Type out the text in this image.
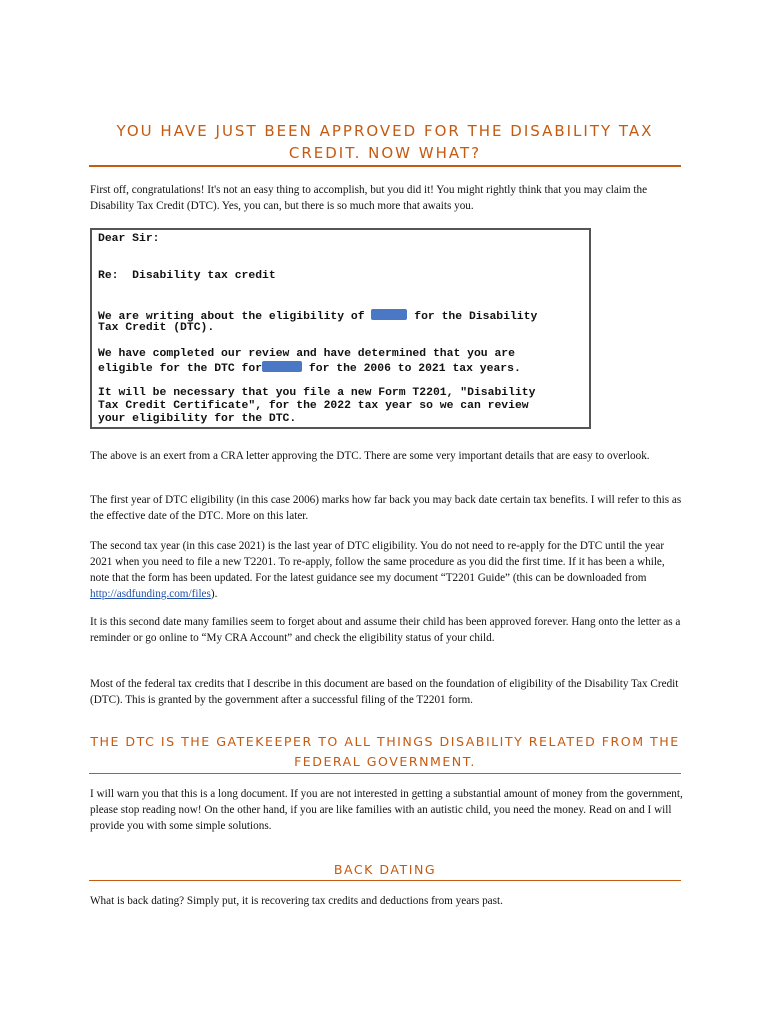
YOU HAVE JUST BEEN APPROVED FOR THE DISABILITY TAX
CREDIT. NOW WHAT?

First off, congratulations! It's not an easy thing to accomplish, but you did it! You might rightly think that you may claim the Disability Tax Credit (DTC). Yes, you can, but there is so much more that awaits you.

Dear Sir:
Re:  Disability tax credit
We are writing about the eligibility of	for the Disability
Tax Credit (DTC).
We have completed our review and have determined that you are
eligible for the DTC for	for the 2006 to 2021 tax years.
It will be necessary that you file a new Form T2201, "Disability
Tax Credit Certificate", for the 2022 tax year so we can review
your eligibility for the DTC.

The above is an exert from a CRA letter approving the DTC. There are some very important details that are easy to overlook.

The first year of DTC eligibility (in this case 2006) marks how far back you may back date certain tax benefits. I will refer to this as the effective date of the DTC. More on this later.

The second tax year (in this case 2021) is the last year of DTC eligibility. You do not need to re-apply for the DTC until the year 2021 when you need to file a new T2201. To re-apply, follow the same procedure as you did the first time. If it has been a while, note that the form has been updated. For the latest guidance see my document “T2201 Guide” (this can be downloaded from http://asdfunding.com/files).

It is this second date many families seem to forget about and assume their child has been approved forever. Hang onto the letter as a reminder or go online to “My CRA Account” and check the eligibility status of your child.

Most of the federal tax credits that I describe in this document are based on the foundation of eligibility of the Disability Tax Credit (DTC). This is granted by the government after a successful filing of the T2201 form.

THE DTC IS THE GATEKEEPER TO ALL THINGS DISABILITY RELATED FROM THE
FEDERAL GOVERNMENT.

I will warn you that this is a long document. If you are not interested in getting a substantial amount of money from the government, please stop reading now! On the other hand, if you are like families with an autistic child, you need the money. Read on and I will provide you with some simple solutions.

BACK DATING

What is back dating? Simply put, it is recovering tax credits and deductions from years past.
